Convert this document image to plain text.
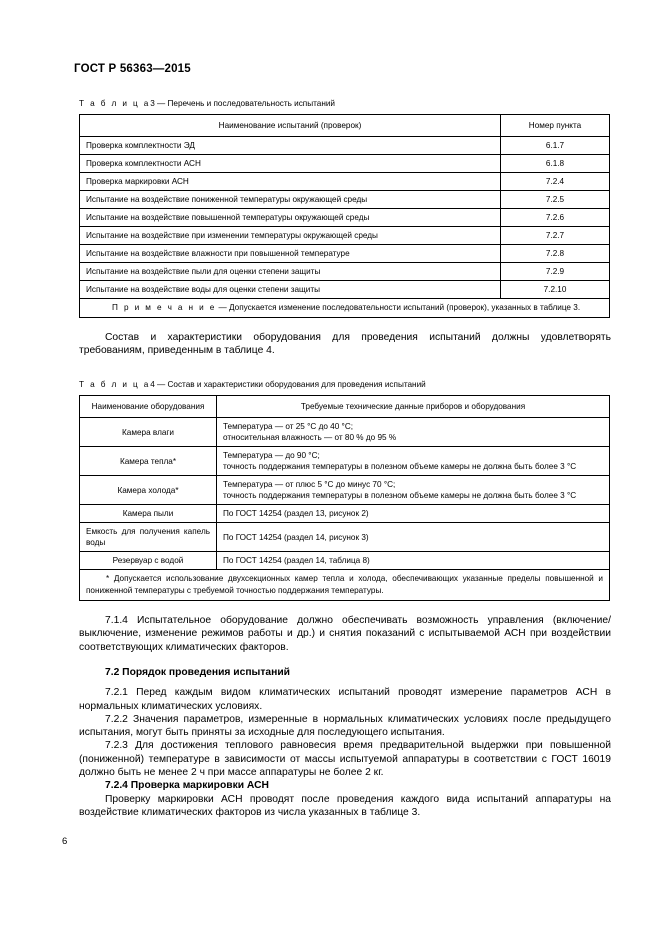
ГОСТ Р 56363—2015
Т а б л и ц а3 — Перечень и последовательность испытаний
Наименование испытаний (проверок)	Номер пункта
Проверка комплектности ЭД	6.1.7
Проверка комплектности АСН	6.1.8
Проверка маркировки АСН	7.2.4
Испытание на воздействие пониженной температуры окружающей среды	7.2.5
Испытание на воздействие повышенной температуры окружающей среды	7.2.6
Испытание на воздействие при изменении температуры окружающей среды	7.2.7
Испытание на воздействие влажности при повышенной температуре	7.2.8
Испытание на воздействие пыли для оценки степени защиты	7.2.9
Испытание на воздействие воды для оценки степени защиты	7.2.10
П р и м е ч а н и е — Допускается изменение последовательности испытаний (проверок), указанных в таблице 3.	

Состав и характеристики оборудования для проведения испытаний должны удовлетворять требованиям, приведенным в таблице 4.

Т а б л и ц а4 — Состав и характеристики оборудования для проведения испытаний
Наименование оборудования	Требуемые технические данные приборов и оборудования
Камера влаги	Температура — от 25 °С до 40 °С;
относительная влажность — от 80 % до 95 %

Камера тепла*	Температура — до 90 °С;
точность поддержания температуры в полезном объеме камеры не должна быть более 3 °С

Камера холода*	Температура — от плюс 5 °С до минус 70 °С;
точность поддержания температуры в полезном объеме камеры не должна быть более 3 °С

Камера пыли	По ГОСТ 14254 (раздел 13, рисунок 2)
Емкость для получения капель воды	По ГОСТ 14254 (раздел 14, рисунок 3)
Резервуар с водой	По ГОСТ 14254 (раздел 14, таблица 8)
* Допускается использование двухсекционных камер тепла и холода, обеспечивающих указанные пределы повышенной и пониженной температуры с требуемой точностью поддержания температуры.	

7.1.4 Испытательное оборудование должно обеспечивать возможность управления (включение/выключение, изменение режимов работы и др.) и снятия показаний с испытываемой АСН при воздействии соответствующих климатических факторов.

7.2 Порядок проведения испытаний

7.2.1 Перед каждым видом климатических испытаний проводят измерение параметров АСН в нормальных климатических условиях.

7.2.2 Значения параметров, измеренные в нормальных климатических условиях после предыдущего испытания, могут быть приняты за исходные для последующего испытания.

7.2.3 Для достижения теплового равновесия время предварительной выдержки при повышенной (пониженной) температуре в зависимости от массы испытуемой аппаратуры в соответствии с ГОСТ 16019 должно быть не менее 2 ч при массе аппаратуры не более 2 кг.

7.2.4 Проверка маркировки АСН

Проверку маркировки АСН проводят после проведения каждого вида испытаний аппаратуры на воздействие климатических факторов из числа указанных в таблице 3.

6
